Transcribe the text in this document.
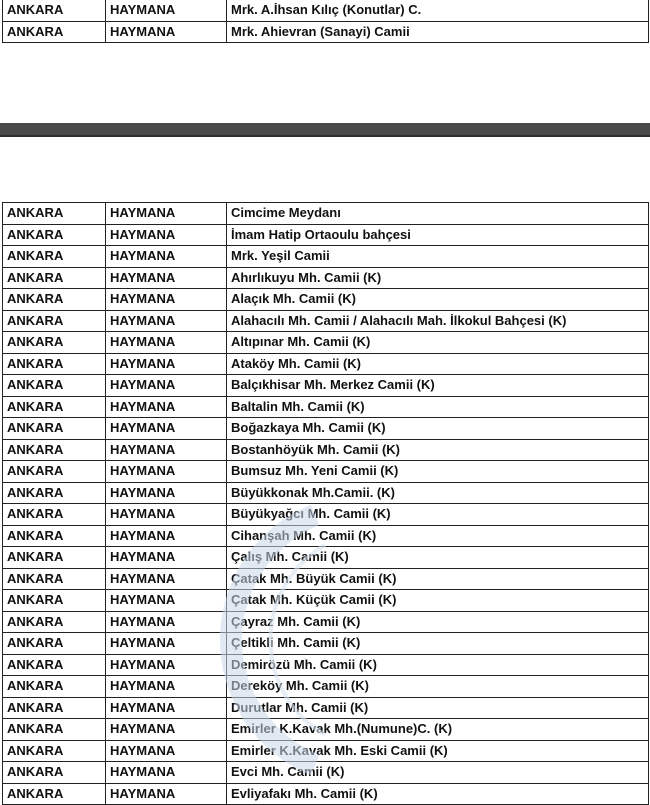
ANKARA	HAYMANA	Mrk. A.İhsan Kılıç (Konutlar) C.
ANKARA	HAYMANA	Mrk. Ahievran (Sanayi) Camii
ANKARA	HAYMANA	Cimcime Meydanı
ANKARA	HAYMANA	İmam Hatip Ortaoulu bahçesi
ANKARA	HAYMANA	Mrk. Yeşil Camii
ANKARA	HAYMANA	Ahırlıkuyu Mh. Camii (K)
ANKARA	HAYMANA	Alaçık Mh. Camii (K)
ANKARA	HAYMANA	Alahacılı Mh. Camii / Alahacılı Mah. İlkokul Bahçesi (K)
ANKARA	HAYMANA	Altıpınar Mh. Camii (K)
ANKARA	HAYMANA	Ataköy Mh. Camii (K)
ANKARA	HAYMANA	Balçıkhisar Mh. Merkez Camii (K)
ANKARA	HAYMANA	Baltalin Mh. Camii (K)
ANKARA	HAYMANA	Boğazkaya Mh. Camii (K)
ANKARA	HAYMANA	Bostanhöyük Mh. Camii (K)
ANKARA	HAYMANA	Bumsuz Mh. Yeni Camii (K)
ANKARA	HAYMANA	Büyükkonak Mh.Camii. (K)
ANKARA	HAYMANA	Büyükyağcı Mh. Camii (K)
ANKARA	HAYMANA	Cihanşah Mh. Camii (K)
ANKARA	HAYMANA	Çalış Mh. Camii (K)
ANKARA	HAYMANA	Çatak Mh. Büyük Camii (K)
ANKARA	HAYMANA	Çatak Mh. Küçük Camii (K)
ANKARA	HAYMANA	Çayraz Mh. Camii (K)
ANKARA	HAYMANA	Çeltikli Mh. Camii (K)
ANKARA	HAYMANA	Demirözü Mh. Camii (K)
ANKARA	HAYMANA	Dereköy Mh. Camii (K)
ANKARA	HAYMANA	Durutlar Mh. Camii (K)
ANKARA	HAYMANA	Emirler K.Kavak Mh.(Numune)C. (K)
ANKARA	HAYMANA	Emirler K.Kavak Mh. Eski Camii (K)
ANKARA	HAYMANA	Evci Mh. Camii (K)
ANKARA	HAYMANA	Evliyafakı Mh. Camii (K)
